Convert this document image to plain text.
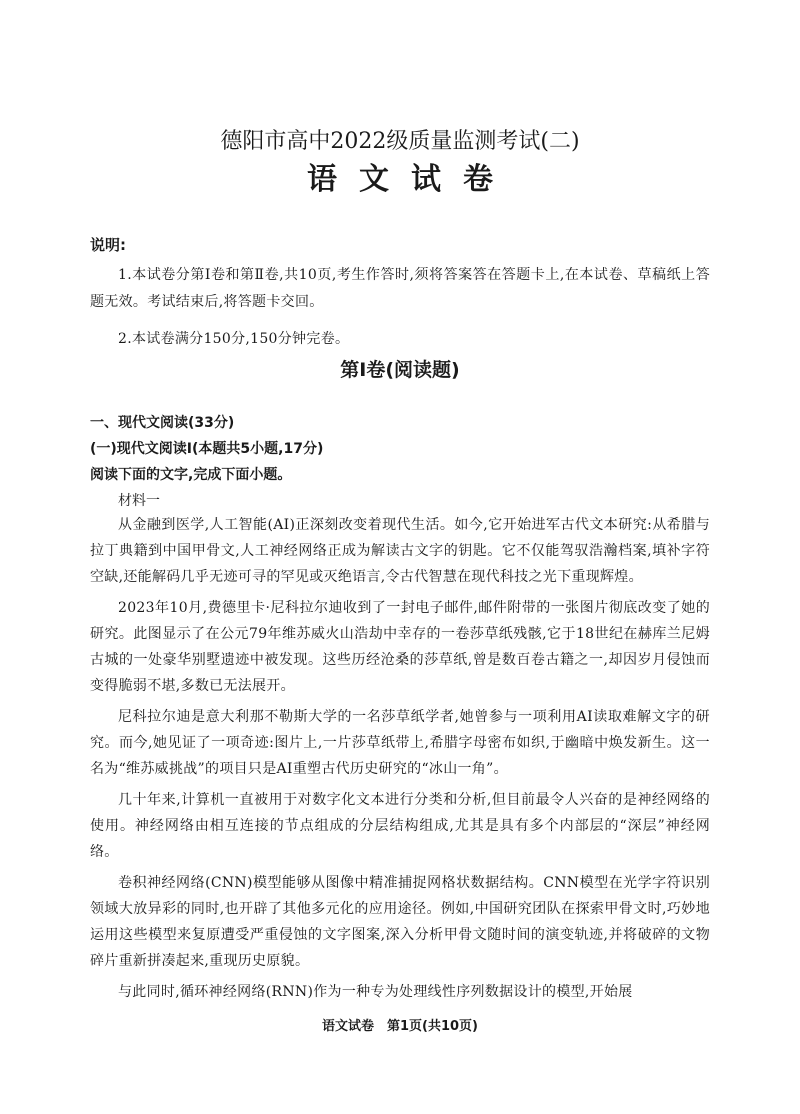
德阳市高中2022级质量监测考试(二)
语文试卷
说明:

1.本试卷分第Ⅰ卷和第Ⅱ卷,共10页,考生作答时,须将答案答在答题卡上,在本试卷、草稿纸上答题无效。考试结束后,将答题卡交回。

2.本试卷满分150分,150分钟完卷。

第Ⅰ卷(阅读题)
一、现代文阅读(33分)
(一)现代文阅读Ⅰ(本题共5小题,17分)
阅读下面的文字,完成下面小题。
材料一

从金融到医学,人工智能(AI)正深刻改变着现代生活。如今,它开始进军古代文本研究:从希腊与拉丁典籍到中国甲骨文,人工神经网络正成为解读古文字的钥匙。它不仅能驾驭浩瀚档案,填补字符空缺,还能解码几乎无迹可寻的罕见或灭绝语言,令古代智慧在现代科技之光下重现辉煌。

2023年10月,费德里卡·尼科拉尔迪收到了一封电子邮件,邮件附带的一张图片彻底改变了她的研究。此图显示了在公元79年维苏威火山浩劫中幸存的一卷莎草纸残骸,它于18世纪在赫库兰尼姆古城的一处豪华别墅遗迹中被发现。这些历经沧桑的莎草纸,曾是数百卷古籍之一,却因岁月侵蚀而变得脆弱不堪,多数已无法展开。

尼科拉尔迪是意大利那不勒斯大学的一名莎草纸学者,她曾参与一项利用AI读取难解文字的研究。而今,她见证了一项奇迹:图片上,一片莎草纸带上,希腊字母密布如织,于幽暗中焕发新生。这一名为“维苏威挑战”的项目只是AI重塑古代历史研究的“冰山一角”。

几十年来,计算机一直被用于对数字化文本进行分类和分析,但目前最令人兴奋的是神经网络的使用。神经网络由相互连接的节点组成的分层结构组成,尤其是具有多个内部层的“深层”神经网络。

卷积神经网络(CNN)模型能够从图像中精准捕捉网格状数据结构。CNN模型在光学字符识别领域大放异彩的同时,也开辟了其他多元化的应用途径。例如,中国研究团队在探索甲骨文时,巧妙地运用这些模型来复原遭受严重侵蚀的文字图案,深入分析甲骨文随时间的演变轨迹,并将破碎的文物碎片重新拼凑起来,重现历史原貌。

与此同时,循环神经网络(RNN)作为一种专为处理线性序列数据设计的模型,开始展

语文试卷　第1页(共10页)
